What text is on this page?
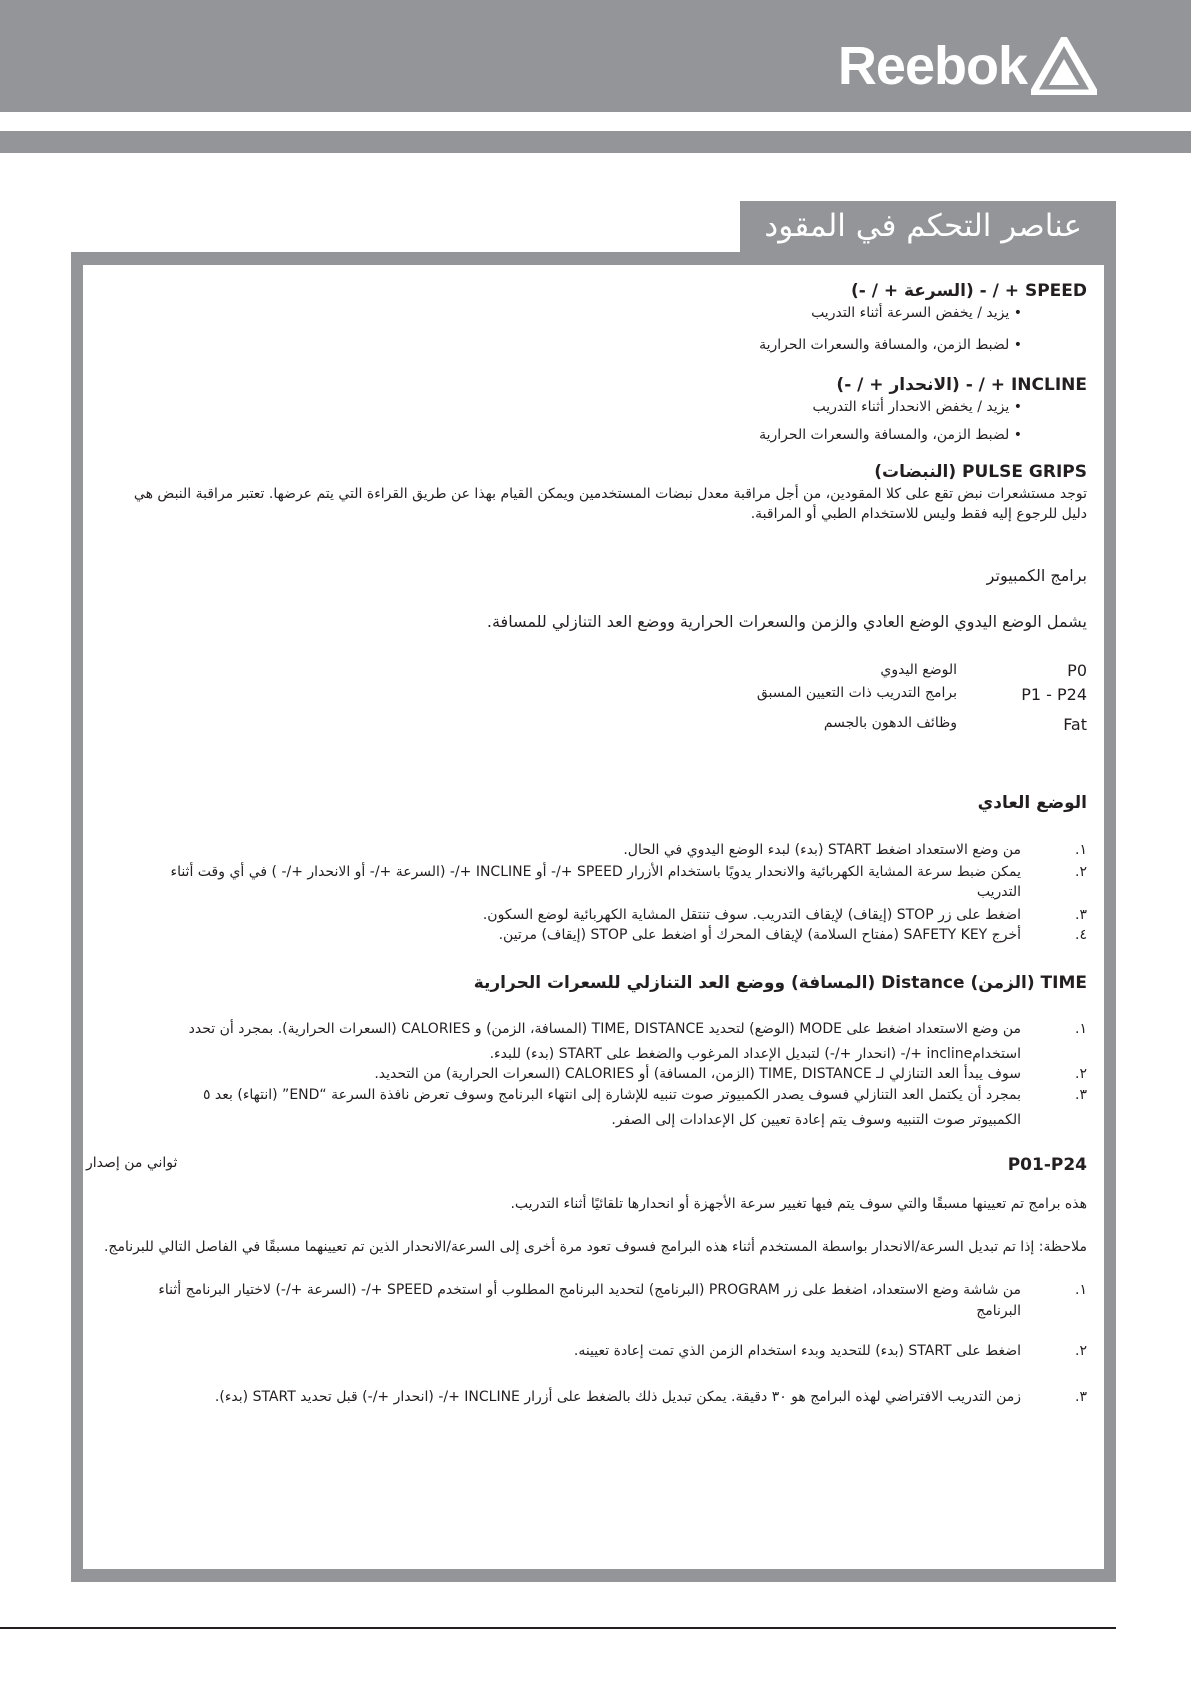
Reebok
عناصر التحكم في المقود
SPEED + / - (السرعة + / -)
• يزيد / يخفض السرعة أثناء التدريب
• لضبط الزمن، والمسافة والسعرات الحرارية
INCLINE + / - (الانحدار + / -)
• يزيد / يخفض الانحدار أثناء التدريب
• لضبط الزمن، والمسافة والسعرات الحرارية
PULSE GRIPS (النبضات)
توجد مستشعرات نبض تقع على كلا المقودين، من أجل مراقبة معدل نبضات المستخدمين ويمكن القيام بهذا عن طريق القراءة التي يتم عرضها. تعتبر مراقبة النبض هي
دليل للرجوع إليه فقط وليس للاستخدام الطبي أو المراقبة.
برامج الكمبيوتر
يشمل الوضع اليدوي الوضع العادي والزمن والسعرات الحرارية ووضع العد التنازلي للمسافة.
P0
الوضع اليدوي
P1 - P24
برامج التدريب ذات التعيين المسبق
Fat
وظائف الدهون بالجسم
الوضع العادي
١.
من وضع الاستعداد اضغط START (بدء) لبدء الوضع اليدوي في الحال.
٢.
يمكن ضبط سرعة المشاية الكهربائية والانحدار يدويًا باستخدام الأزرار SPEED +/- أو INCLINE +/- (السرعة +/- أو الانحدار +/- ) في أي وقت أثناء
التدريب
٣.
اضغط على زر STOP (إيقاف) لإيقاف التدريب. سوف تنتقل المشاية الكهربائية لوضع السكون.
٤.
أخرج SAFETY KEY (مفتاح السلامة) لإيقاف المحرك أو اضغط على STOP (إيقاف) مرتين.
TIME (الزمن) Distance (المسافة) ووضع العد التنازلي للسعرات الحرارية
١.
من وضع الاستعداد اضغط على MODE (الوضع) لتحديد TIME, DISTANCE (المسافة، الزمن) و CALORIES (السعرات الحرارية). بمجرد أن تحدد
استخدامincline +/- (انحدار +/-) لتبديل الإعداد المرغوب والضغط على START (بدء) للبدء.
٢.
سوف يبدأ العد التنازلي لـ TIME, DISTANCE (الزمن، المسافة) أو CALORIES (السعرات الحرارية) من التحديد.
٣.
بمجرد أن يكتمل العد التنازلي فسوف يصدر الكمبيوتر صوت تنبيه للإشارة إلى انتهاء البرنامج وسوف تعرض نافذة السرعة “END” (انتهاء) بعد ٥
الكمبيوتر صوت التنبيه وسوف يتم إعادة تعيين كل الإعدادات إلى الصفر.
P01-P24
ثواني من إصدار
هذه برامج تم تعيينها مسبقًا والتي سوف يتم فيها تغيير سرعة الأجهزة أو انحدارها تلقائيًا أثناء التدريب.
ملاحظة: إذا تم تبديل السرعة/الانحدار بواسطة المستخدم أثناء هذه البرامج فسوف تعود مرة أخرى إلى السرعة/الانحدار الذين تم تعيينهما مسبقًا في الفاصل التالي للبرنامج.
١.
من شاشة وضع الاستعداد، اضغط على زر PROGRAM (البرنامج) لتحديد البرنامج المطلوب أو استخدم SPEED +/- (السرعة +/-) لاختيار البرنامج أثناء
البرنامج
٢.
اضغط على START (بدء) للتحديد وبدء استخدام الزمن الذي تمت إعادة تعيينه.
٣.
زمن التدريب الافتراضي لهذه البرامج هو ٣٠ دقيقة. يمكن تبديل ذلك بالضغط على أزرار INCLINE +/- (انحدار +/-) قبل تحديد START (بدء).
